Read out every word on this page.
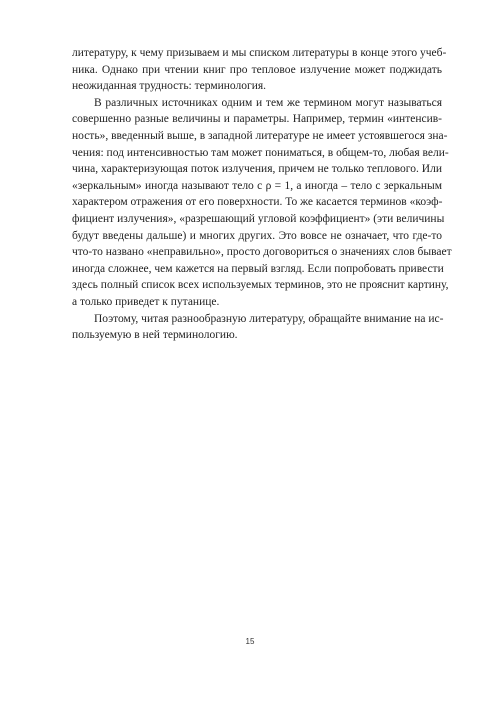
литературу, к чему призываем и мы списком литературы в конце этого учеб-
ника. Однако при чтении книг про тепловое излучение может поджидать
неожиданная трудность: терминология.
В различных источниках одним и тем же термином могут называться
совершенно разные величины и параметры. Например, термин «интенсив-
ность», введенный выше, в западной литературе не имеет устоявшегося зна-
чения: под интенсивностью там может пониматься, в общем-то, любая вели-
чина, характеризующая поток излучения, причем не только теплового. Или
«зеркальным» иногда называют тело с ρ = 1, а иногда – тело с зеркальным
характером отражения от его поверхности. То же касается терминов «коэф-
фициент излучения», «разрешающий угловой коэффициент» (эти величины
будут введены дальше) и многих других. Это вовсе не означает, что где-то
что-то названо «неправильно», просто договориться о значениях слов бывает
иногда сложнее, чем кажется на первый взгляд. Если попробовать привести
здесь полный список всех используемых терминов, это не прояснит картину,
а только приведет к путанице.
Поэтому, читая разнообразную литературу, обращайте внимание на ис-
пользуемую в ней терминологию.
15
